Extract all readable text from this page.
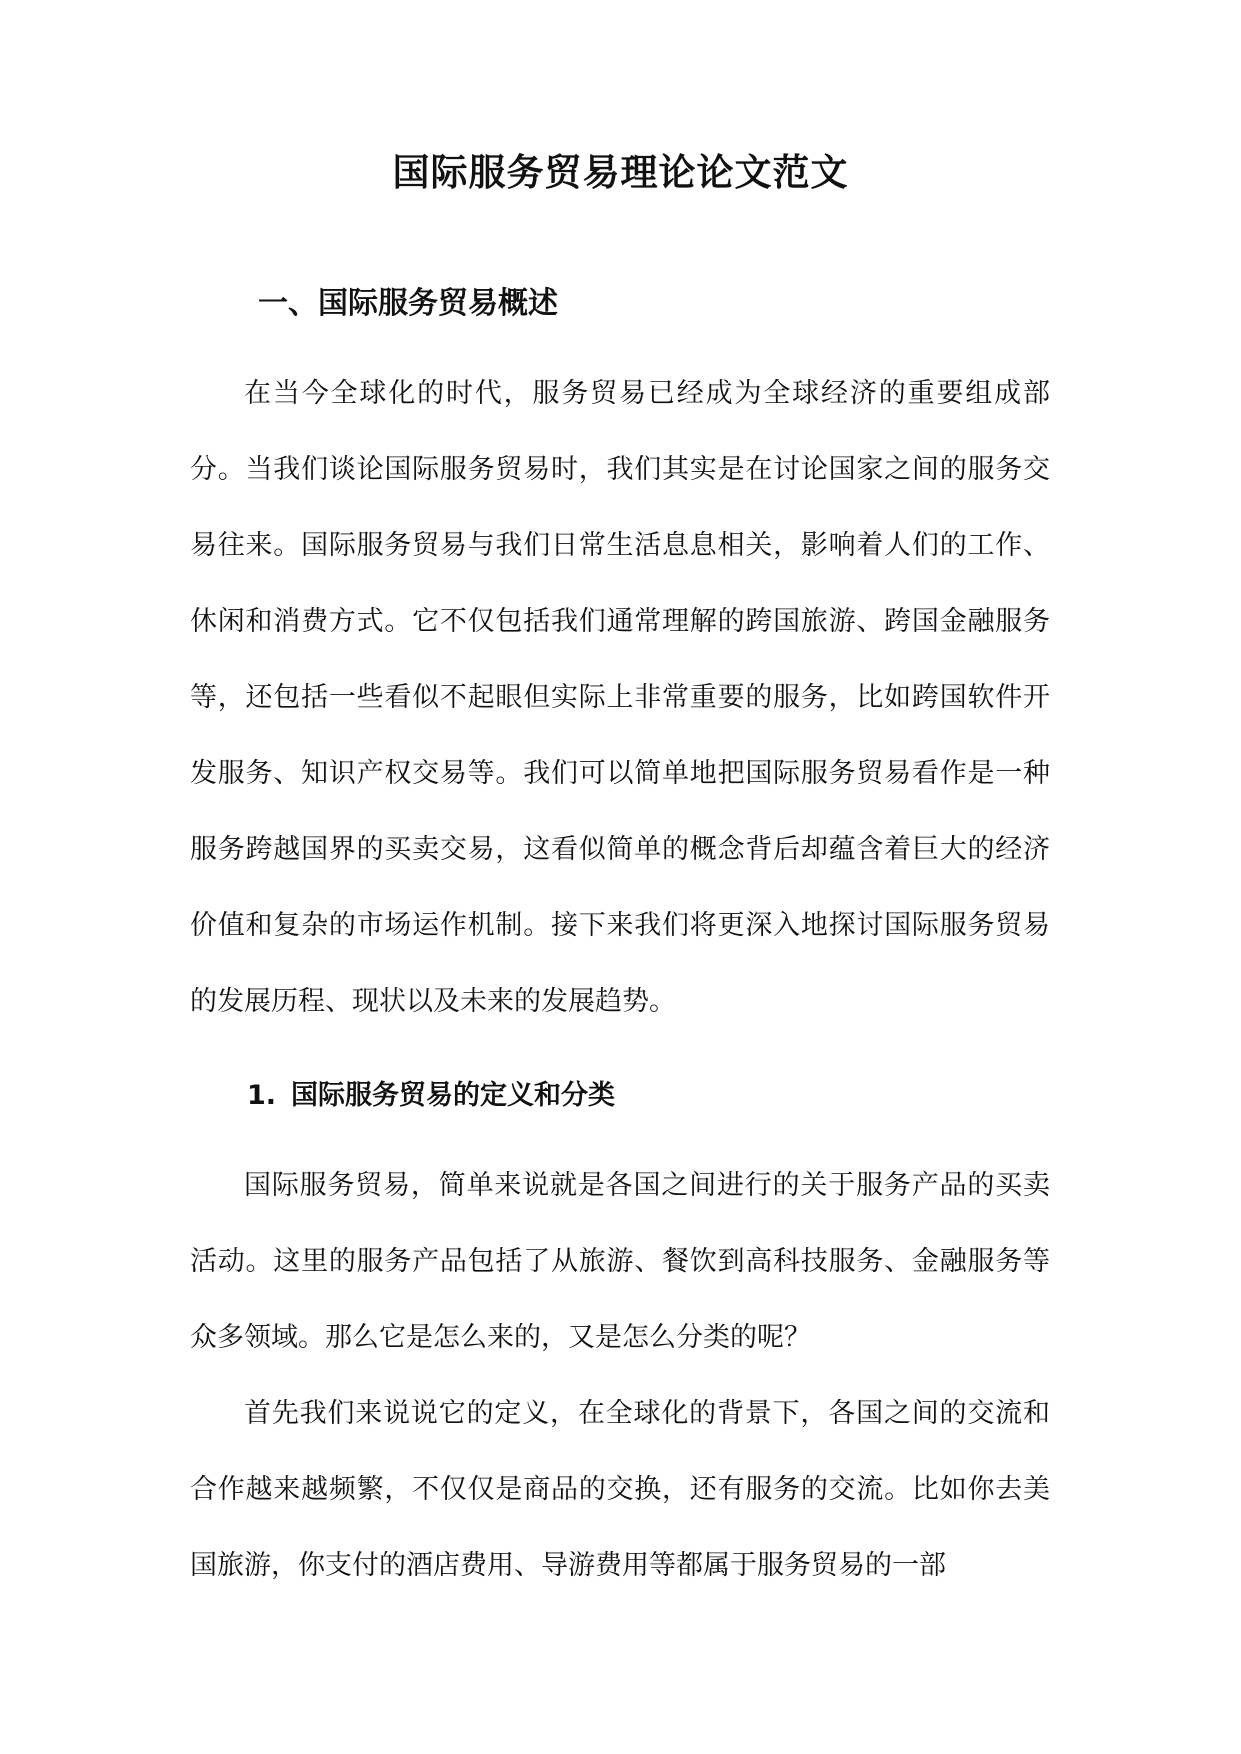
国际服务贸易理论论文范文
一、国际服务贸易概述

在当今全球化的时代，服务贸易已经成为全球经济的重要组成部分。当我们谈论国际服务贸易时，我们其实是在讨论国家之间的服务交易往来。国际服务贸易与我们日常生活息息相关，影响着人们的工作、休闲和消费方式。它不仅包括我们通常理解的跨国旅游、跨国金融服务等，还包括一些看似不起眼但实际上非常重要的服务，比如跨国软件开发服务、知识产权交易等。我们可以简单地把国际服务贸易看作是一种服务跨越国界的买卖交易，这看似简单的概念背后却蕴含着巨大的经济价值和复杂的市场运作机制。接下来我们将更深入地探讨国际服务贸易的发展历程、现状以及未来的发展趋势。

1. 国际服务贸易的定义和分类

国际服务贸易，简单来说就是各国之间进行的关于服务产品的买卖活动。这里的服务产品包括了从旅游、餐饮到高科技服务、金融服务等众多领域。那么它是怎么来的，又是怎么分类的呢？

首先我们来说说它的定义，在全球化的背景下，各国之间的交流和合作越来越频繁，不仅仅是商品的交换，还有服务的交流。比如你去美国旅游，你支付的酒店费用、导游费用等都属于服务贸易的一部
